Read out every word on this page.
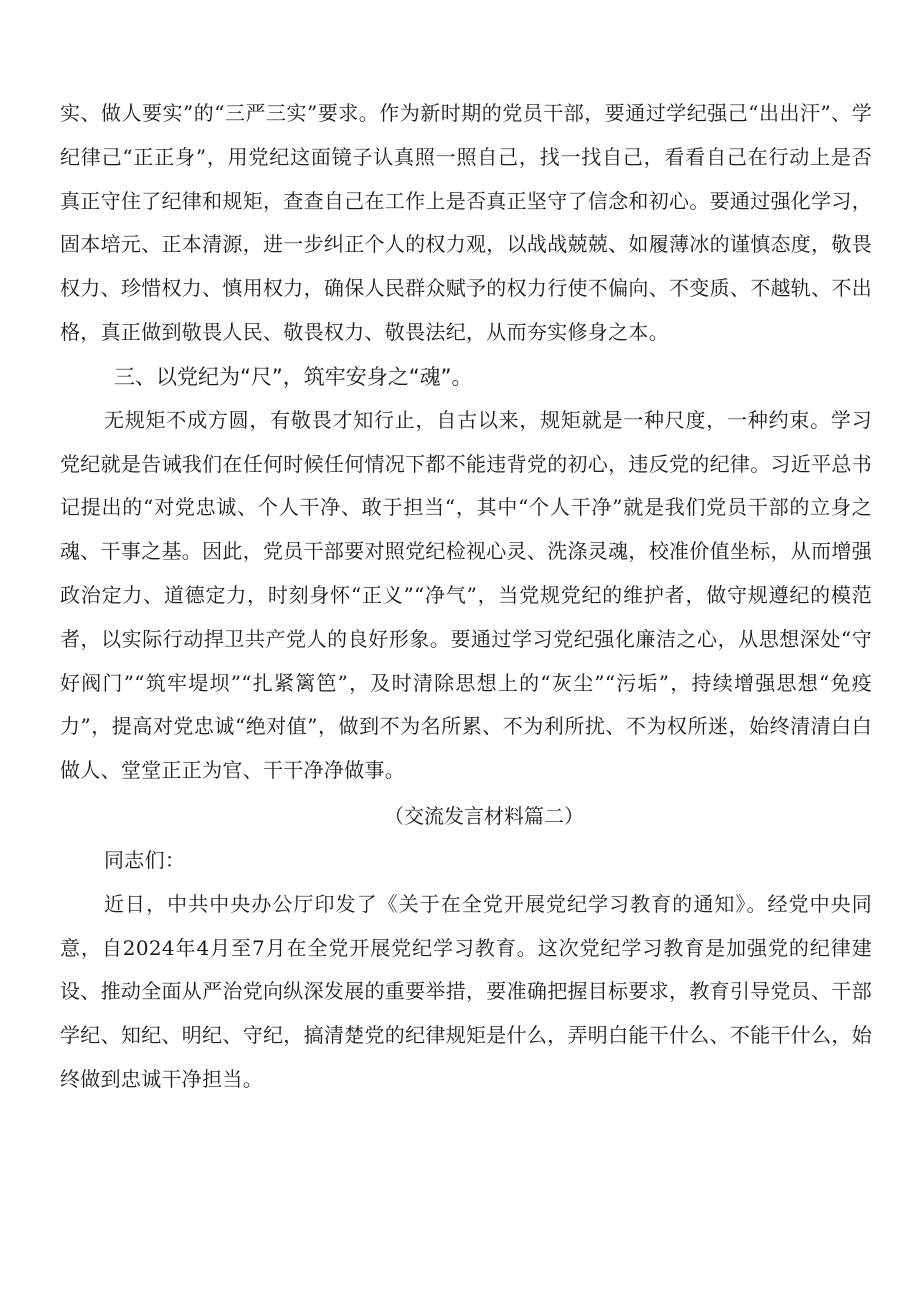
实、做人要实”的“三严三实”要求。作为新时期的党员干部，要通过学纪强己“出出汗”、学纪律己“正正身”，用党纪这面镜子认真照一照自己，找一找自己，看看自己在行动上是否真正守住了纪律和规矩，查查自己在工作上是否真正坚守了信念和初心。要通过强化学习，固本培元、正本清源，进一步纠正个人的权力观，以战战兢兢、如履薄冰的谨慎态度，敬畏权力、珍惜权力、慎用权力，确保人民群众赋予的权力行使不偏向、不变质、不越轨、不出格，真正做到敬畏人民、敬畏权力、敬畏法纪，从而夯实修身之本。

三、以党纪为“尺”，筑牢安身之“魂”。

无规矩不成方圆，有敬畏才知行止，自古以来，规矩就是一种尺度，一种约束。学习党纪就是告诫我们在任何时候任何情况下都不能违背党的初心，违反党的纪律。习近平总书记提出的“对党忠诚、个人干净、敢于担当“，其中“个人干净”就是我们党员干部的立身之魂、干事之基。因此，党员干部要对照党纪检视心灵、洗涤灵魂，校准价值坐标，从而增强政治定力、道德定力，时刻身怀“正义”“净气”，当党规党纪的维护者，做守规遵纪的模范者，以实际行动捍卫共产党人的良好形象。要通过学习党纪强化廉洁之心，从思想深处“守好阀门”“筑牢堤坝”“扎紧篱笆”，及时清除思想上的“灰尘”“污垢”，持续增强思想“免疫力”，提高对党忠诚“绝对值”，做到不为名所累、不为利所扰、不为权所迷，始终清清白白做人、堂堂正正为官、干干净净做事。

（交流发言材料篇二）

同志们：

近日，中共中央办公厅印发了《关于在全党开展党纪学习教育的通知》。经党中央同意，自2024年4月至7月在全党开展党纪学习教育。这次党纪学习教育是加强党的纪律建设、推动全面从严治党向纵深发展的重要举措，要准确把握目标要求，教育引导党员、干部学纪、知纪、明纪、守纪，搞清楚党的纪律规矩是什么，弄明白能干什么、不能干什么，始终做到忠诚干净担当。
